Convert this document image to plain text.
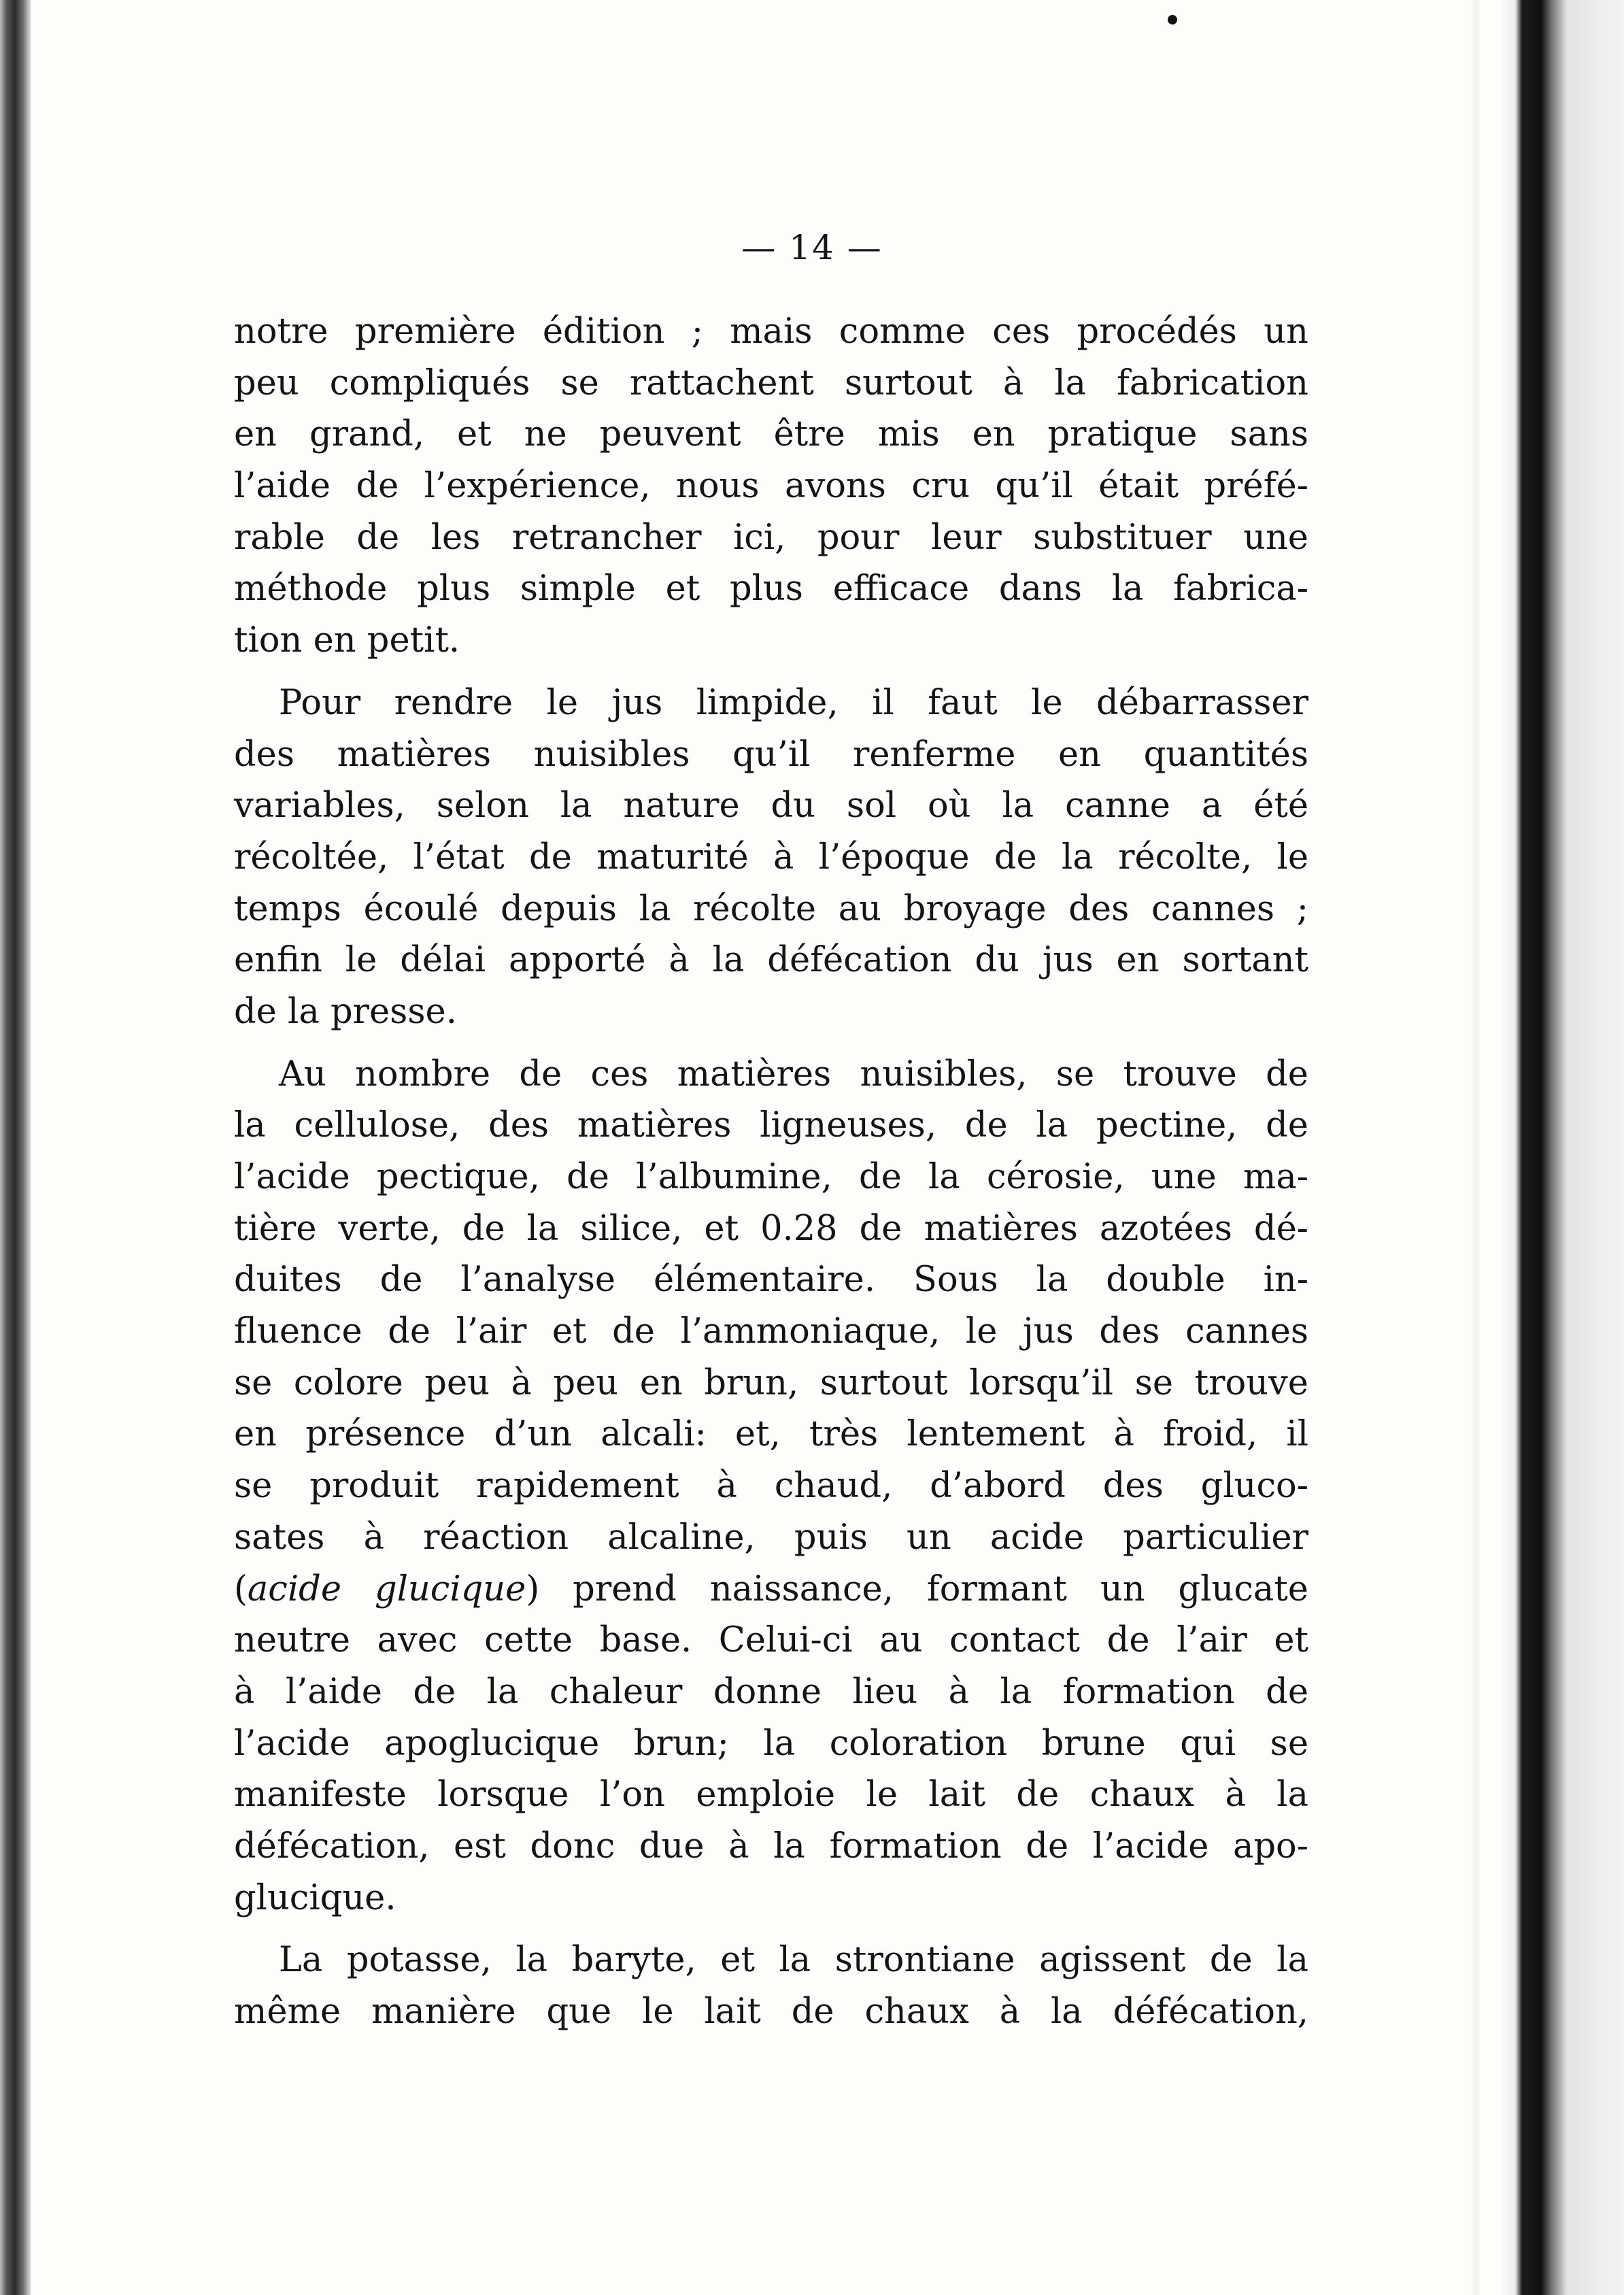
— 14 —
notre première édition ; mais comme ces procédés un
peu compliqués se rattachent surtout à la fabrication
en grand, et ne peuvent être mis en pratique sans
l’aide de l’expérience, nous avons cru qu’il était préfé-
rable de les retrancher ici, pour leur substituer une
méthode plus simple et plus efficace dans la fabrica-
tion en petit.
Pour rendre le jus limpide, il faut le débarrasser
des matières nuisibles qu’il renferme en quantités
variables, selon la nature du sol où la canne a été
récoltée, l’état de maturité à l’époque de la récolte, le
temps écoulé depuis la récolte au broyage des cannes ;
enfin le délai apporté à la défécation du jus en sortant
de la presse.
Au nombre de ces matières nuisibles, se trouve de
la cellulose, des matières ligneuses, de la pectine, de
l’acide pectique, de l’albumine, de la cérosie, une ma-
tière verte, de la silice, et 0.28 de matières azotées dé-
duites de l’analyse élémentaire. Sous la double in-
fluence de l’air et de l’ammoniaque, le jus des cannes
se colore peu à peu en brun, surtout lorsqu’il se trouve
en présence d’un alcali: et, très lentement à froid, il
se produit rapidement à chaud, d’abord des gluco-
sates à réaction alcaline, puis un acide particulier
(acide glucique) prend naissance, formant un glucate
neutre avec cette base. Celui-ci au contact de l’air et
à l’aide de la chaleur donne lieu à la formation de
l’acide apoglucique brun; la coloration brune qui se
manifeste lorsque l’on emploie le lait de chaux à la
défécation, est donc due à la formation de l’acide apo-
glucique.
La potasse, la baryte, et la strontiane agissent de la
même manière que le lait de chaux à la défécation,
